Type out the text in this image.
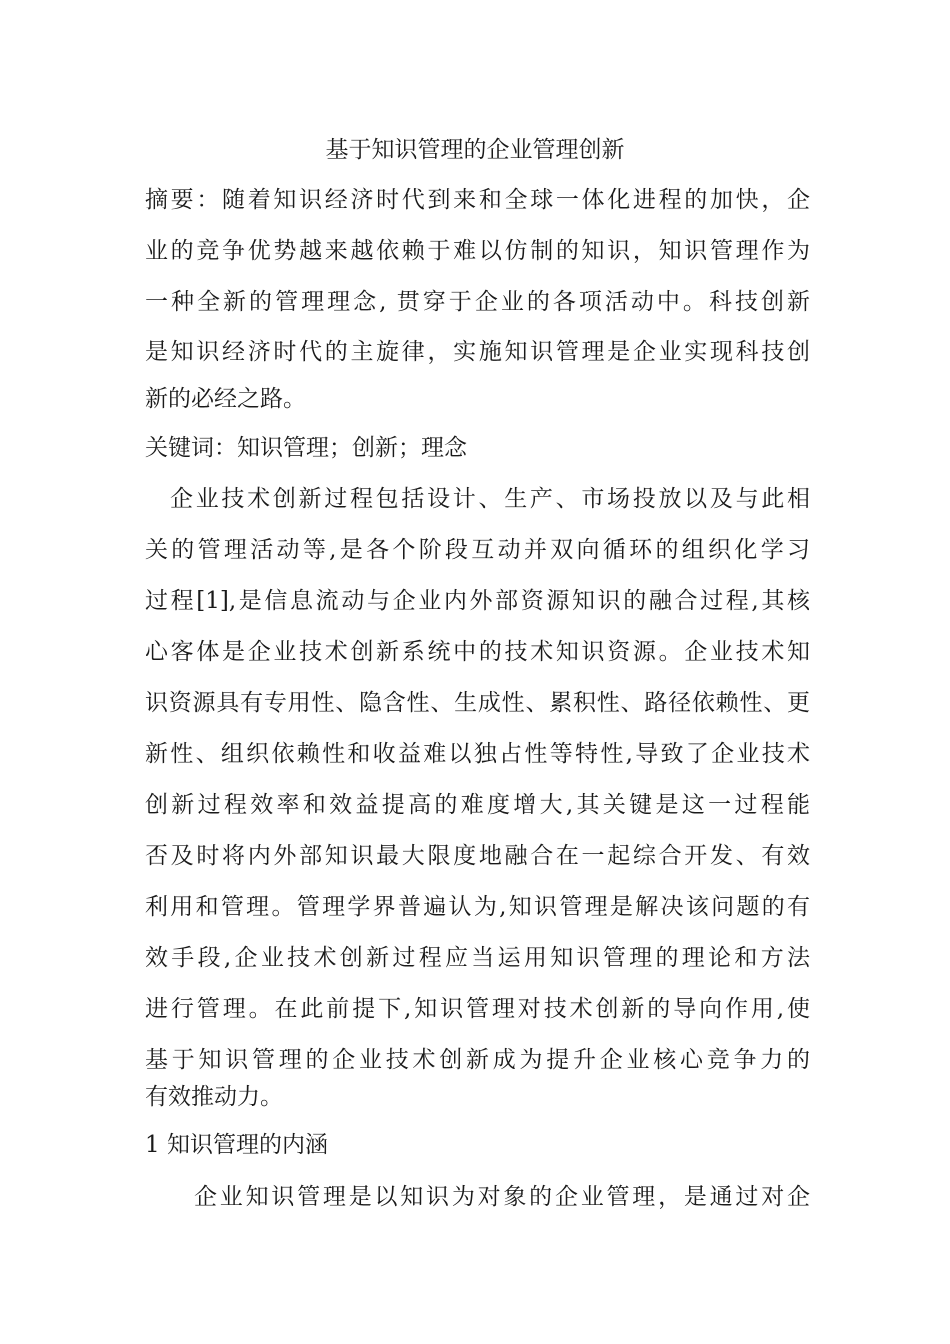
基于知识管理的企业管理创新
摘要：随着知识经济时代到来和全球一体化进程的加快，企
业的竞争优势越来越依赖于难以仿制的知识，知识管理作为
一种全新的管理理念, 贯穿于企业的各项活动中。科技创新
是知识经济时代的主旋律，实施知识管理是企业实现科技创
新的必经之路。
关键词：知识管理；创新；理念
企业技术创新过程包括设计、生产、市场投放以及与此相
关的管理活动等,是各个阶段互动并双向循环的组织化学习
过程[1],是信息流动与企业内外部资源知识的融合过程,其核
心客体是企业技术创新系统中的技术知识资源。企业技术知
识资源具有专用性、隐含性、生成性、累积性、路径依赖性、更
新性、组织依赖性和收益难以独占性等特性,导致了企业技术
创新过程效率和效益提高的难度增大,其关键是这一过程能
否及时将内外部知识最大限度地融合在一起综合开发、有效
利用和管理。管理学界普遍认为,知识管理是解决该问题的有
效手段,企业技术创新过程应当运用知识管理的理论和方法
进行管理。在此前提下,知识管理对技术创新的导向作用,使
基于知识管理的企业技术创新成为提升企业核心竞争力的
有效推动力。
1 知识管理的内涵
企业知识管理是以知识为对象的企业管理，是通过对企
